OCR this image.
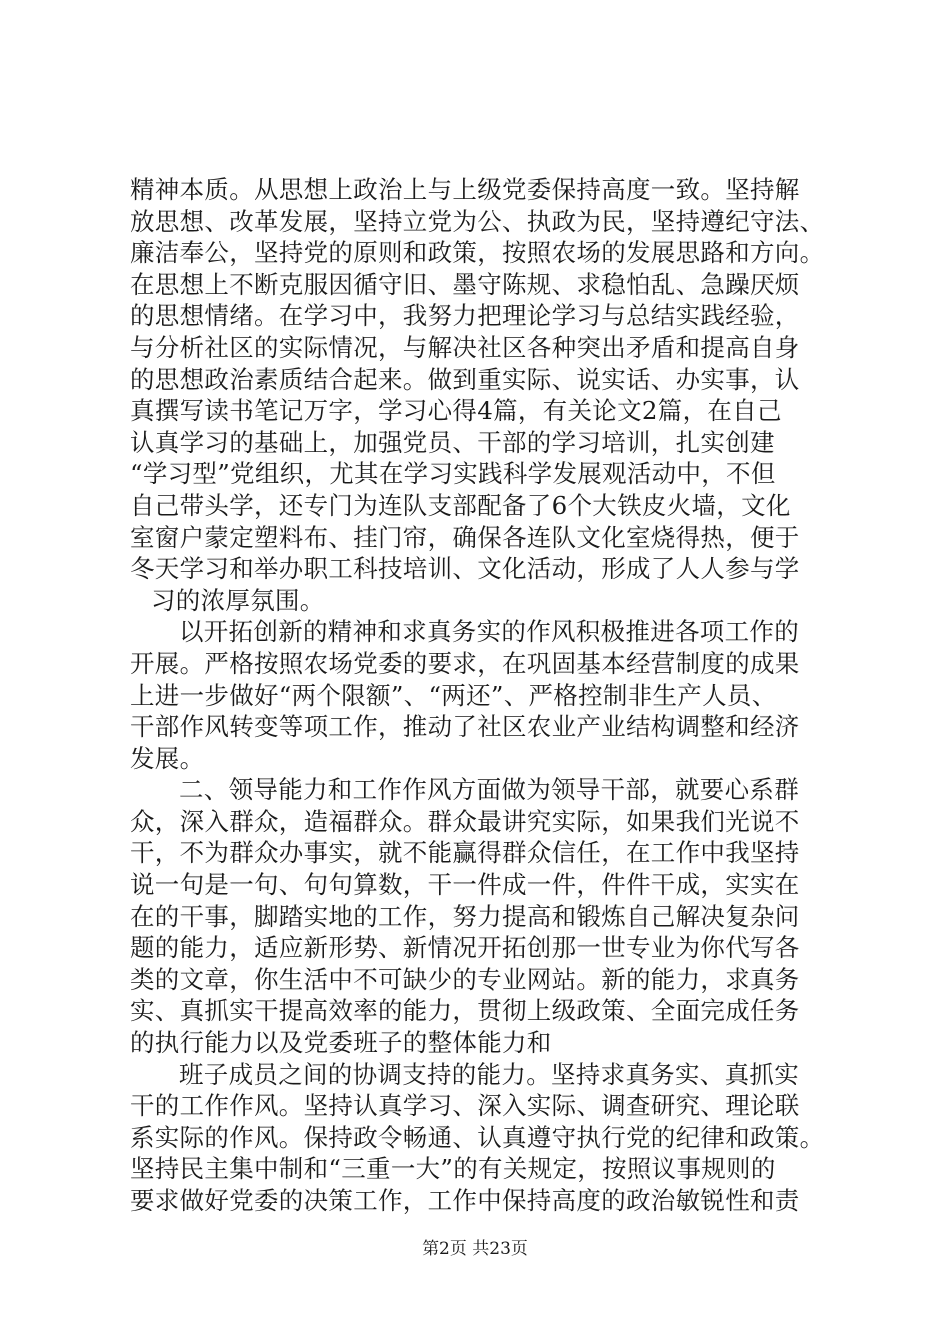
精神本质。从思想上政治上与上级党委保持高度一致。坚持解
放思想、改革发展，坚持立党为公、执政为民，坚持遵纪守法、
廉洁奉公，坚持党的原则和政策，按照农场的发展思路和方向。
在思想上不断克服因循守旧、墨守陈规、求稳怕乱、急躁厌烦
的思想情绪。在学习中，我努力把理论学习与总结实践经验，
与分析社区的实际情况，与解决社区各种突出矛盾和提高自身
的思想政治素质结合起来。做到重实际、说实话、办实事，认
真撰写读书笔记万字，学习心得4篇，有关论文2篇，在自己
认真学习的基础上，加强党员、干部的学习培训，扎实创建
“学习型”党组织，尤其在学习实践科学发展观活动中，不但
自己带头学，还专门为连队支部配备了6个大铁皮火墙，文化
室窗户蒙定塑料布、挂门帘，确保各连队文化室烧得热，便于
冬天学习和举办职工科技培训、文化活动，形成了人人参与学
习的浓厚氛围。
以开拓创新的精神和求真务实的作风积极推进各项工作的
开展。严格按照农场党委的要求，在巩固基本经营制度的成果
上进一步做好“两个限额”、“两还”、严格控制非生产人员、
干部作风转变等项工作，推动了社区农业产业结构调整和经济
发展。
二、领导能力和工作作风方面做为领导干部，就要心系群
众，深入群众，造福群众。群众最讲究实际，如果我们光说不
干，不为群众办事实，就不能赢得群众信任，在工作中我坚持
说一句是一句、句句算数，干一件成一件，件件干成，实实在
在的干事，脚踏实地的工作，努力提高和锻炼自己解决复杂问
题的能力，适应新形势、新情况开拓创那一世专业为你代写各
类的文章，你生活中不可缺少的专业网站。新的能力，求真务
实、真抓实干提高效率的能力，贯彻上级政策、全面完成任务
的执行能力以及党委班子的整体能力和
班子成员之间的协调支持的能力。坚持求真务实、真抓实
干的工作作风。坚持认真学习、深入实际、调查研究、理论联
系实际的作风。保持政令畅通、认真遵守执行党的纪律和政策。
坚持民主集中制和“三重一大”的有关规定，按照议事规则的
要求做好党委的决策工作，工作中保持高度的政治敏锐性和责
第2页 共23页
